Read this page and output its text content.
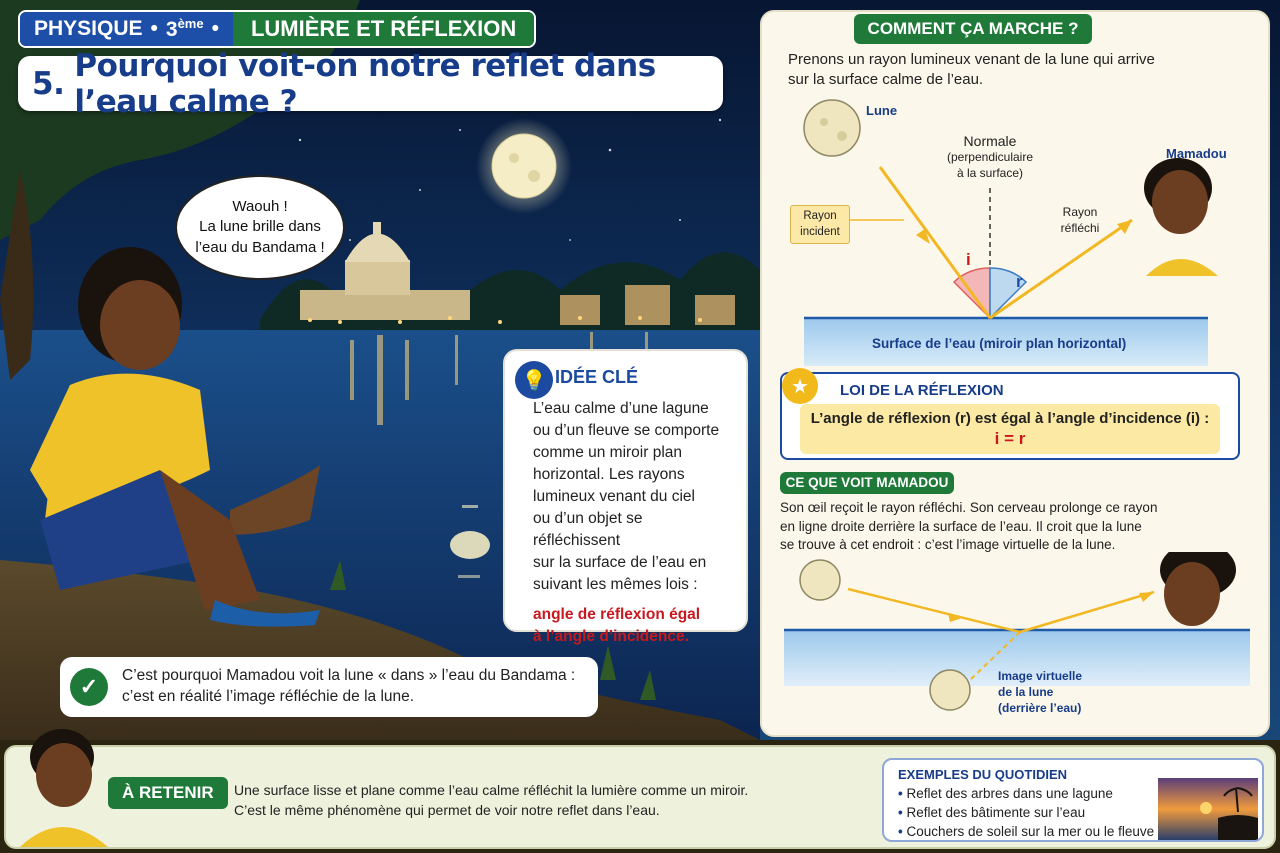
PHYSIQUE • 3ème •	LUMIÈRE ET RÉFLEXION
5. Pourquoi voit-on notre reflet dans l’eau calme ?
Waouh !
La lune brille dans
l’eau du Bandama !
💡 IDÉE CLÉ
L’eau calme d’une lagune
ou d’un fleuve se comporte
comme un miroir plan
horizontal. Les rayons
lumineux venant du ciel
ou d’un objet se réfléchissent
sur la surface de l’eau en
suivant les mêmes lois :
angle de réflexion égal
à l’angle d’incidence.
✓	C’est pourquoi Mamadou voit la lune « dans » l’eau du Bandama :
c’est en réalité l’image réfléchie de la lune.
COMMENT ÇA MARCHE ?
Prenons un rayon lumineux venant de la lune qui arrive
sur la surface calme de l’eau.
i
r
Lune
Normale
(perpendiculaire
à la surface)
Mamadou
Rayon
incident
Rayon
réfléchi
Surface de l’eau (miroir plan horizontal)
LOI DE LA RÉFLEXION
L’angle de réflexion (r) est égal à l’angle d’incidence (i) :
i = r
★
CE QUE VOIT MAMADOU
Son œil reçoit le rayon réfléchi. Son cerveau prolonge ce rayon
en ligne droite derrière la surface de l’eau. Il croit que la lune
se trouve à cet endroit : c’est l’image virtuelle de la lune.
Image virtuelle
de la lune
(derrière l’eau)
À RETENIR	Une surface lisse et plane comme l’eau calme réfléchit la lumière comme un miroir.
C’est le même phénomène qui permet de voir notre reflet dans l’eau.
EXEMPLES DU QUOTIDIEN
• Reflet des arbres dans une lagune
• Reflet des bâtimente sur l’eau
• Couchers de soleil sur la mer ou le fleuve
